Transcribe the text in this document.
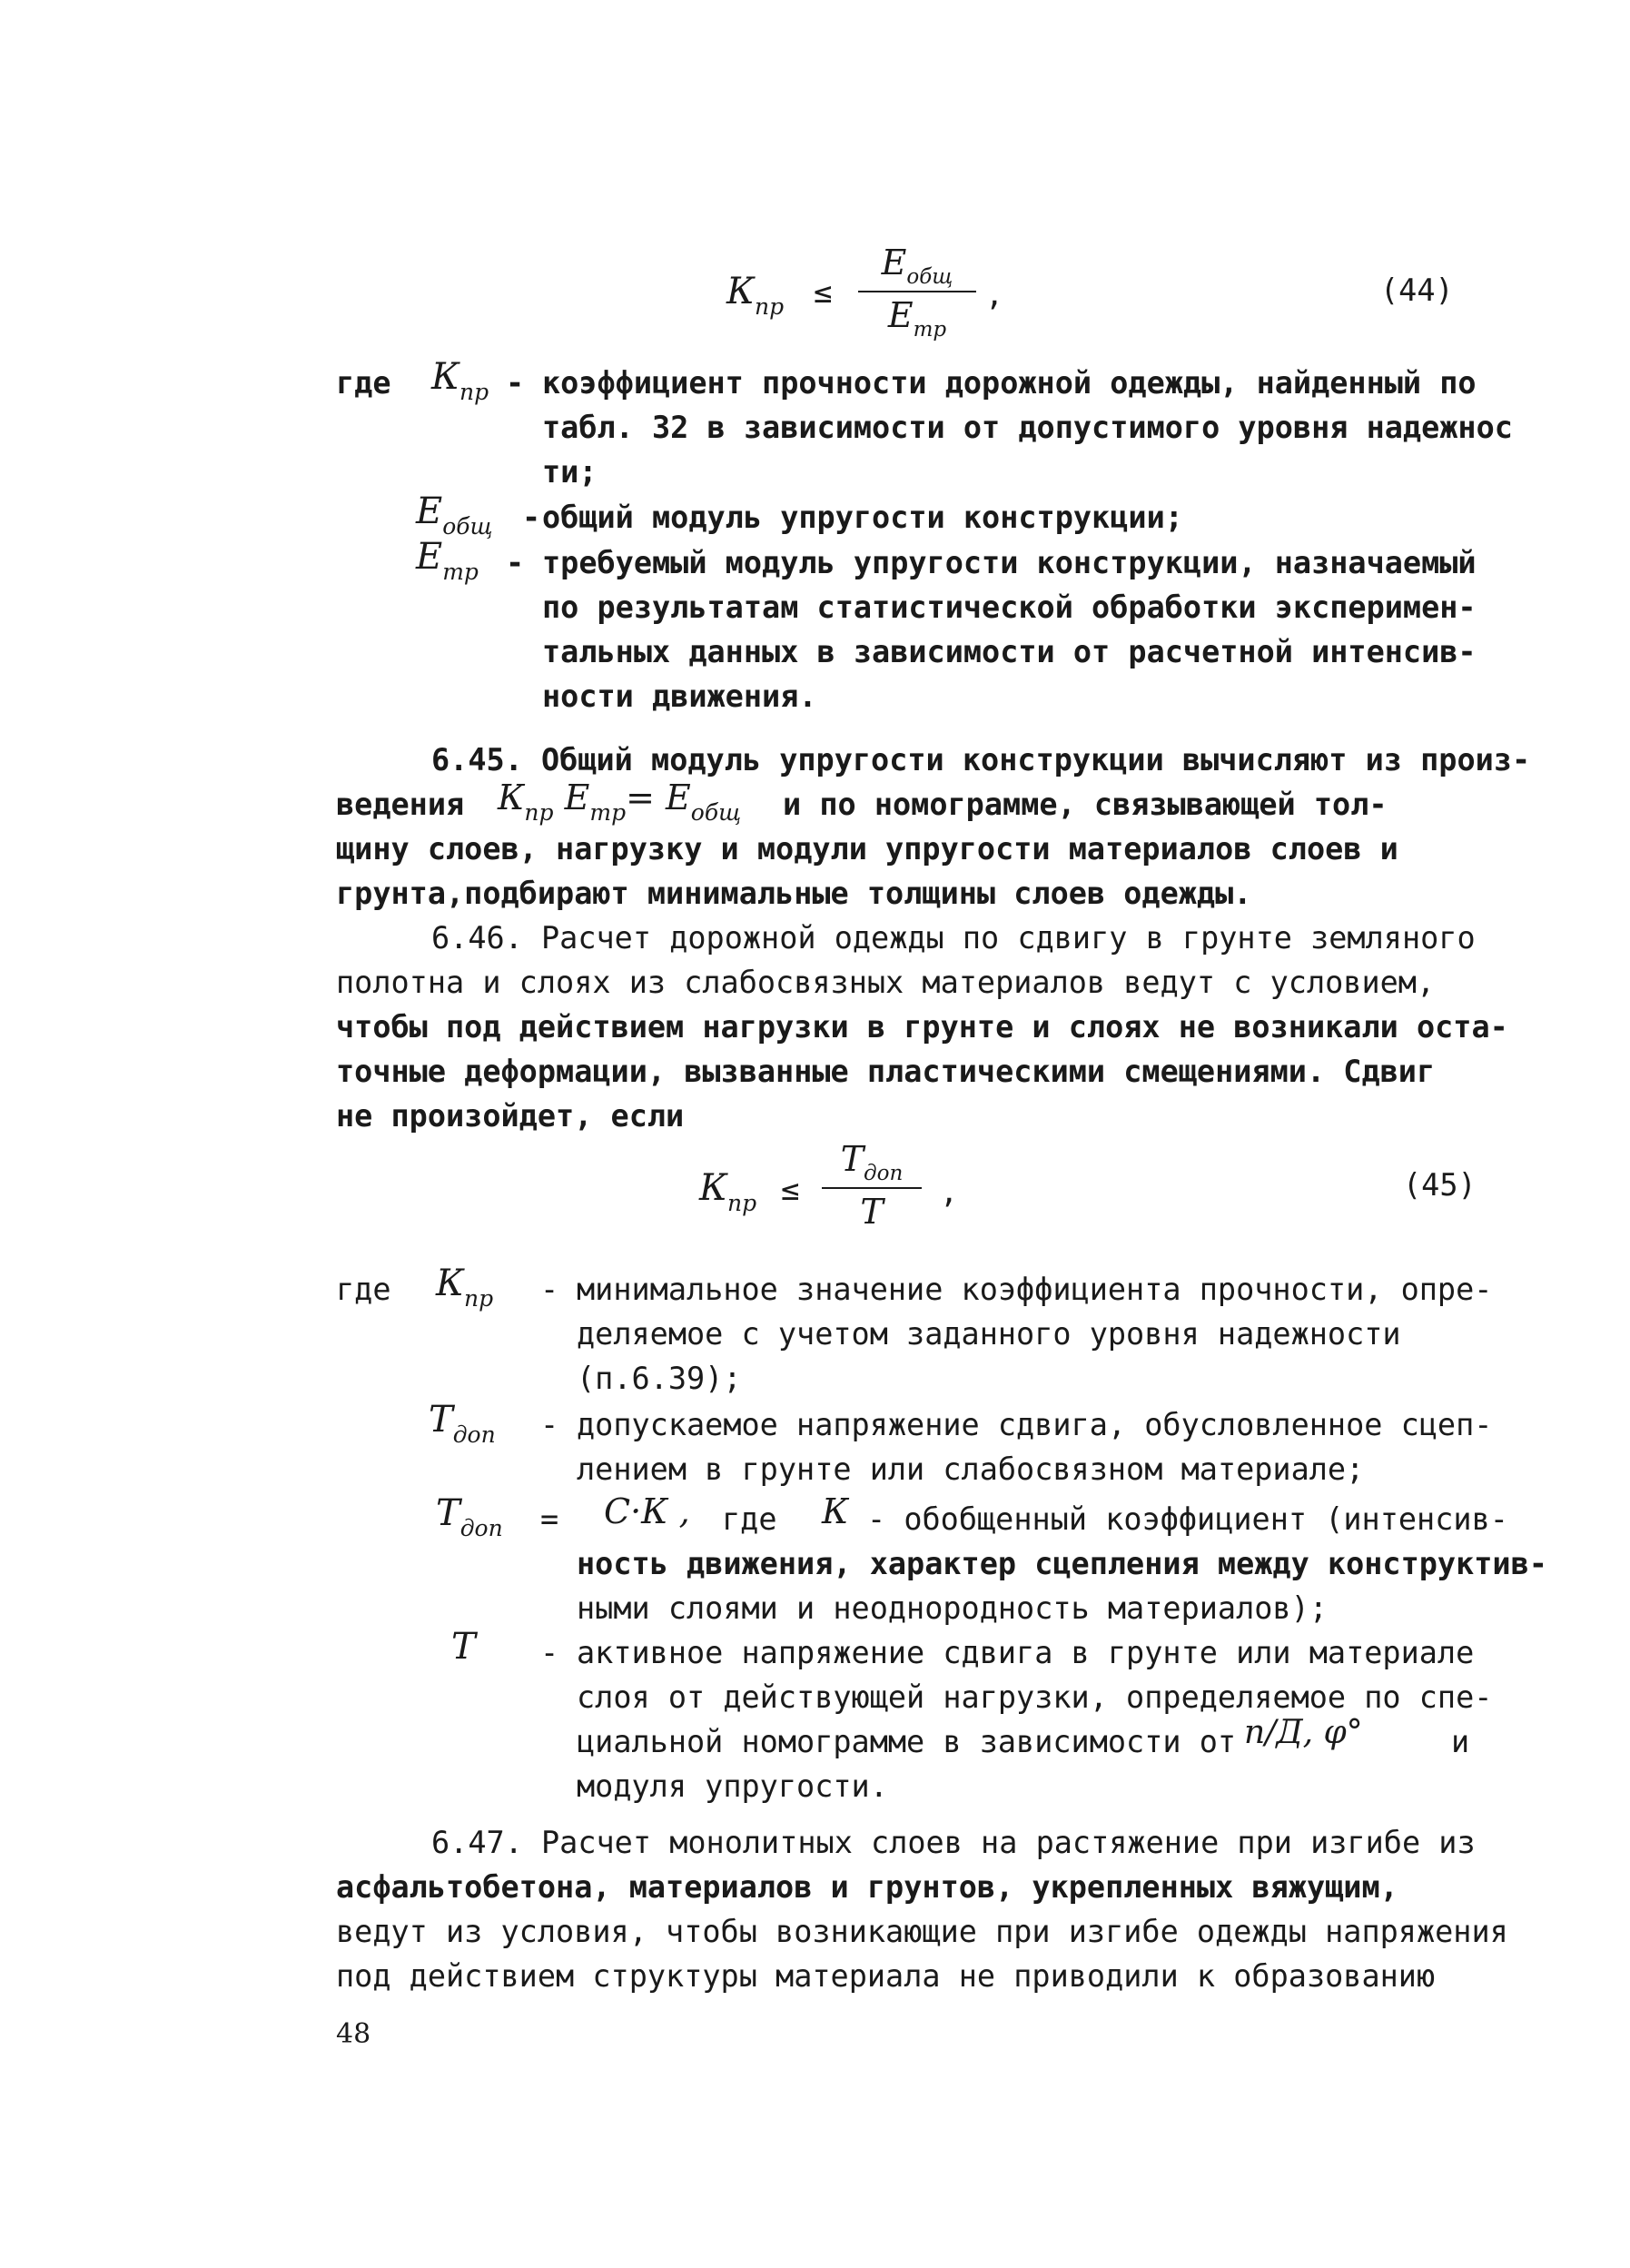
$К_{пр}$ ≤
$Е_{общ}$
$Е_{тр}$
,	(44)
где $К_{пр}$ - коэффициент прочности дорожной одежды, найденный по
табл. 32 в зависимости от допустимого уровня надежнос
ти;
$Е_{общ}$ - общий модуль упругости конструкции;
$Е_{тр}$ - требуемый модуль упругости конструкции, назначаемый
по результатам статистической обработки эксперимен-
тальных данных в зависимости от расчетной интенсив-
ности движения.
6.45. Общий модуль упругости конструкции вычисляют из произ-
ведения $К_{пр}$ $Е_{тр}= Е_{общ}$ и по номограмме, связывающей тол-
щину слоев, нагрузку и модули упругости материалов слоев и
грунта,подбирают минимальные толщины слоев одежды.
6.46. Расчет дорожной одежды по сдвигу в грунте земляного
полотна и слоях из слабосвязных материалов ведут с условием,
чтобы под действием нагрузки в грунте и слоях не возникали оста-
точные деформации, вызванные пластическими смещениями. Сдвиг
не произойдет, если
$К_{пр}$ ≤
$Т_{доп}$
Т	,	(45)
где $К_{пр}$ - минимальное значение коэффициента прочности, опре-
деляемое с учетом заданного уровня надежности
(п.6.39);
$Т_{доп}$ - допускаемое напряжение сдвига, обусловленное сцеп-
лением в грунте или слабосвязном материале;
$Т_{доп} = С\cdot К$ , где К - обобщенный коэффициент (интенсив-
ность движения, характер сцепления между конструктив-
ными слоями и неоднородность материалов);
Т - активное напряжение сдвига в грунте или материале
слоя от действующей нагрузки, определяемое по спе-
циальной номограмме в зависимости от п/Д, φ°	и
модуля упругости.
6.47. Расчет монолитных слоев на растяжение при изгибе из
асфальтобетона, материалов и грунтов, укрепленных вяжущим,
ведут из условия, чтобы возникающие при изгибе одежды напряжения
под действием структуры материала не приводили к образованию
48
